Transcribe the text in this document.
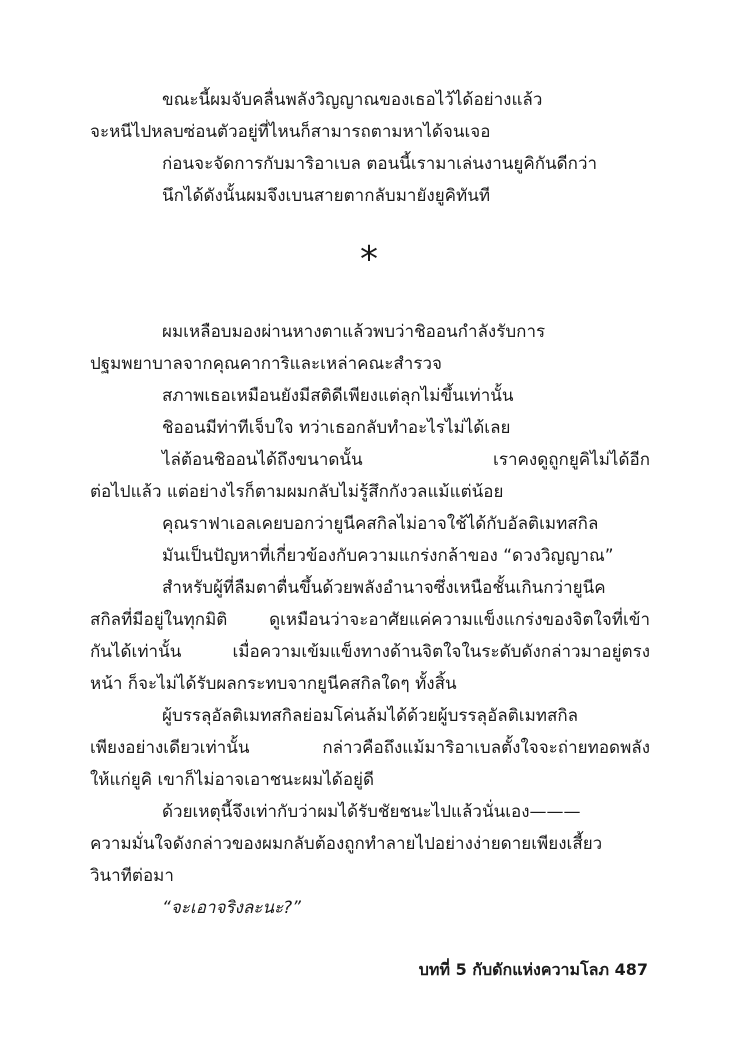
ขณะนี้ผมจับคลื่นพลังวิญญาณของเธอไว้ได้อย่างแล้ว
จะหนีไปหลบซ่อนตัวอยู่ที่ไหนก็สามารถตามหาได้จนเจอ
ก่อนจะจัดการกับมาริอาเบล ตอนนี้เรามาเล่นงานยูคิกันดีกว่า
นึกได้ดังนั้นผมจึงเบนสายตากลับมายังยูคิทันที
*
ผมเหลือบมองผ่านหางตาแล้วพบว่าชิออนกำลังรับการ
ปฐมพยาบาลจากคุณคาการิและเหล่าคณะสำรวจ
สภาพเธอเหมือนยังมีสติดีเพียงแต่ลุกไม่ขึ้นเท่านั้น
ชิออนมีท่าทีเจ็บใจ ทว่าเธอกลับทำอะไรไม่ได้เลย
ไล่ต้อนชิออนได้ถึงขนาดนั้น เราคงดูถูกยูคิไม่ได้อีก
ต่อไปแล้ว แต่อย่างไรก็ตามผมกลับไม่รู้สึกกังวลแม้แต่น้อย
คุณราฟาเอลเคยบอกว่ายูนีคสกิลไม่อาจใช้ได้กับอัลติเมทสกิล
มันเป็นปัญหาที่เกี่ยวข้องกับความแกร่งกล้าของ “ดวงวิญญาณ”
สำหรับผู้ที่ลืมตาตื่นขึ้นด้วยพลังอำนาจซึ่งเหนือชั้นเกินกว่ายูนีค
สกิลที่มีอยู่ในทุกมิติ ดูเหมือนว่าจะอาศัยแค่ความแข็งแกร่งของจิตใจที่เข้า
กันได้เท่านั้น เมื่อความเข้มแข็งทางด้านจิตใจในระดับดังกล่าวมาอยู่ตรง
หน้า ก็จะไม่ได้รับผลกระทบจากยูนีคสกิลใดๆ ทั้งสิ้น
ผู้บรรลุอัลติเมทสกิลย่อมโค่นล้มได้ด้วยผู้บรรลุอัลติเมทสกิล
เพียงอย่างเดียวเท่านั้น กล่าวคือถึงแม้มาริอาเบลตั้งใจจะถ่ายทอดพลัง
ให้แก่ยูคิ เขาก็ไม่อาจเอาชนะผมได้อยู่ดี
ด้วยเหตุนี้จึงเท่ากับว่าผมได้รับชัยชนะไปแล้วนั่นเอง———
ความมั่นใจดังกล่าวของผมกลับต้องถูกทำลายไปอย่างง่ายดายเพียงเสี้ยว
วินาทีต่อมา
“จะเอาจริงละนะ?”
บทที่ 5 กับดักแห่งความโลภ 487
